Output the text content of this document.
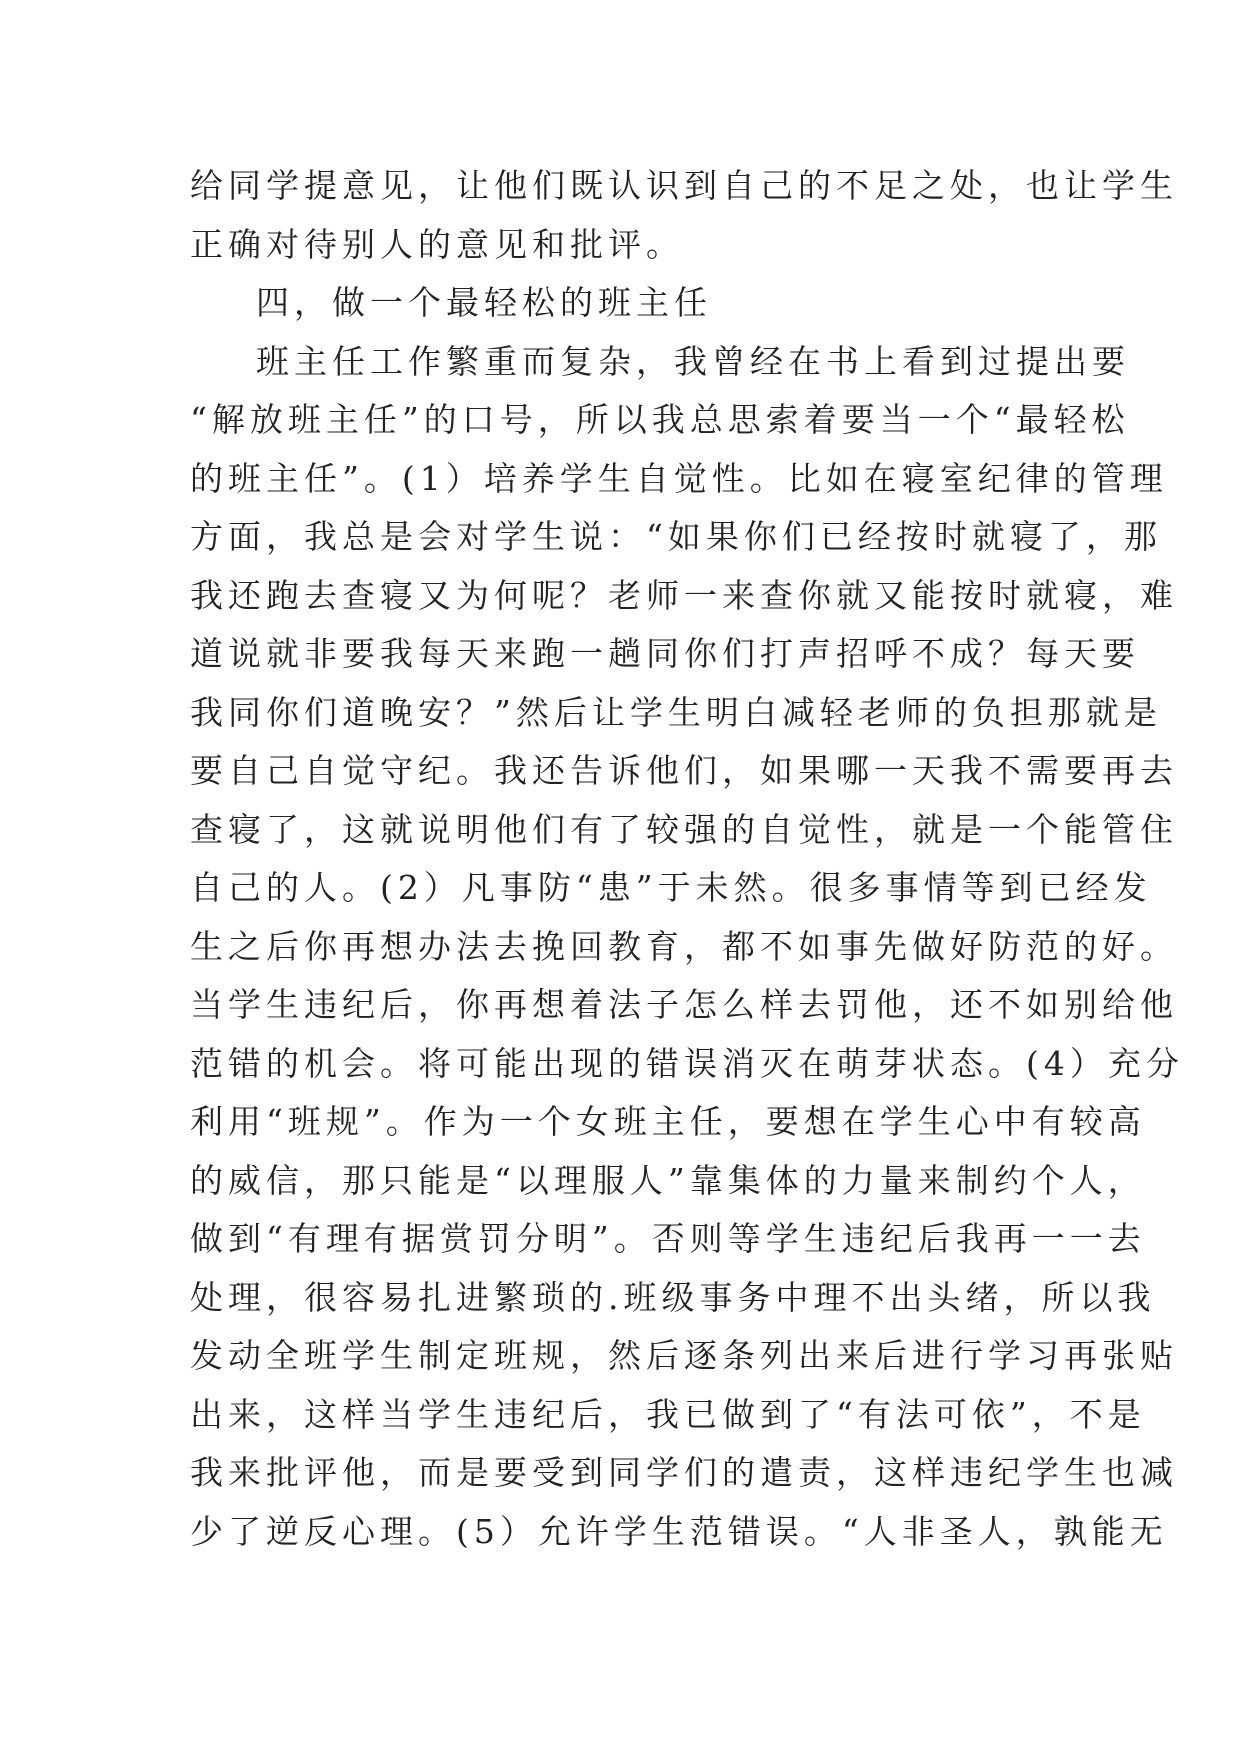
给同学提意见，让他们既认识到自己的不足之处，也让学生
正确对待别人的意见和批评。
四，做一个最轻松的班主任
班主任工作繁重而复杂，我曾经在书上看到过提出要
“解放班主任”的口号，所以我总思索着要当一个“最轻松
的班主任”。(1）培养学生自觉性。比如在寝室纪律的管理
方面，我总是会对学生说：“如果你们已经按时就寝了，那
我还跑去查寝又为何呢？老师一来查你就又能按时就寝，难
道说就非要我每天来跑一趟同你们打声招呼不成？每天要
我同你们道晚安？”然后让学生明白减轻老师的负担那就是
要自己自觉守纪。我还告诉他们，如果哪一天我不需要再去
查寝了，这就说明他们有了较强的自觉性，就是一个能管住
自己的人。(2）凡事防“患”于未然。很多事情等到已经发
生之后你再想办法去挽回教育，都不如事先做好防范的好。
当学生违纪后，你再想着法子怎么样去罚他，还不如别给他
范错的机会。将可能出现的错误消灭在萌芽状态。(4）充分
利用“班规”。作为一个女班主任，要想在学生心中有较高
的威信，那只能是“以理服人”靠集体的力量来制约个人，
做到“有理有据赏罚分明”。否则等学生违纪后我再一一去
处理，很容易扎进繁琐的.班级事务中理不出头绪，所以我
发动全班学生制定班规，然后逐条列出来后进行学习再张贴
出来，这样当学生违纪后，我已做到了“有法可依”，不是
我来批评他，而是要受到同学们的遣责，这样违纪学生也减
少了逆反心理。(5）允许学生范错误。“人非圣人，孰能无
